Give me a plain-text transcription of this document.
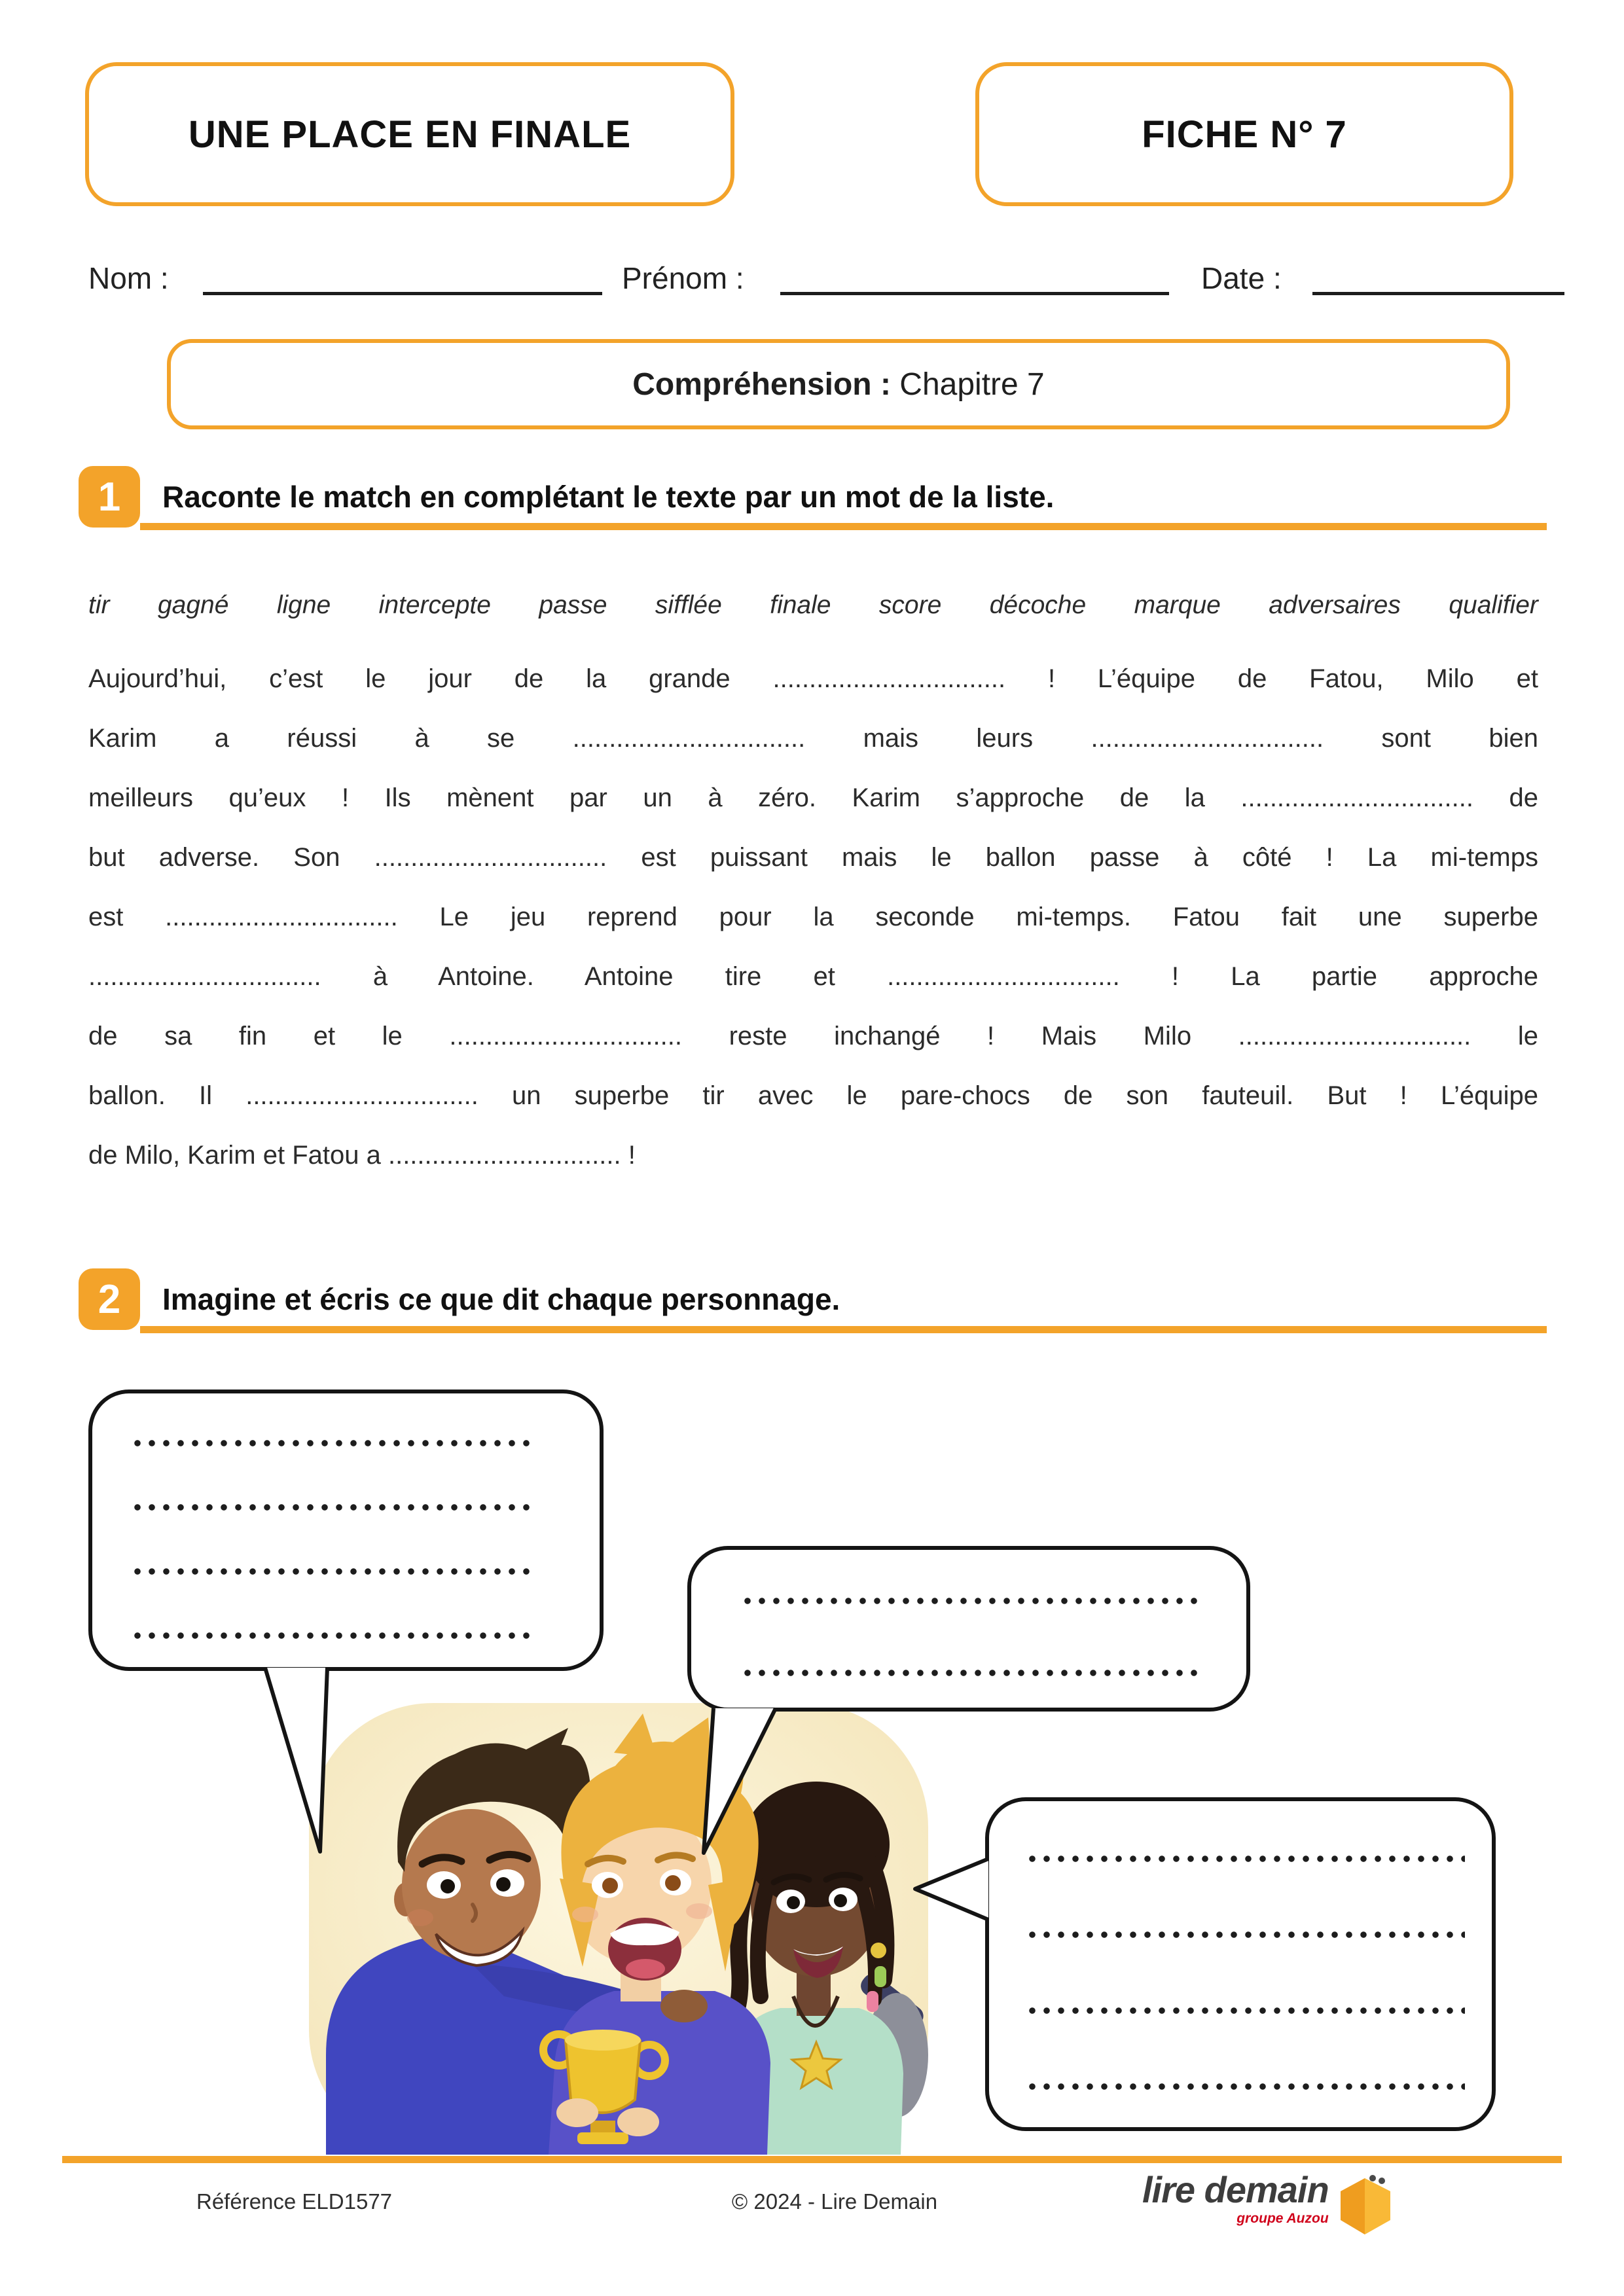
UNE PLACE EN FINALE	FICHE N° 7
Nom :	Prénom :	Date :
Compréhension : Chapitre 7
1 Raconte le match en complétant le texte par un mot de la liste.
tir gagné ligne intercepte passe sifflée finale score décoche marque adversaires qualifier
Aujourd’hui, c’est le jour de la grande ................................ ! L’équipe de Fatou, Milo et
Karim a réussi à se ................................ mais leurs ................................ sont bien
meilleurs qu’eux ! Ils mènent par un à zéro. Karim s’approche de la ................................ de
but adverse. Son ................................ est puissant mais le ballon passe à côté ! La mi-temps
est ................................ Le jeu reprend pour la seconde mi-temps. Fatou fait une superbe
................................ à Antoine. Antoine tire et ................................ ! La partie approche
de sa fin et le ................................ reste inchangé ! Mais Milo ................................ le
ballon. Il ................................ un superbe tir avec le pare-chocs de son fauteuil. But ! L’équipe
de Milo, Karim et Fatou a ................................ !
2 Imagine et écris ce que dit chaque personnage.
Référence ELD1577	© 2024 - Lire Demain	lire demain
groupe Auzou
